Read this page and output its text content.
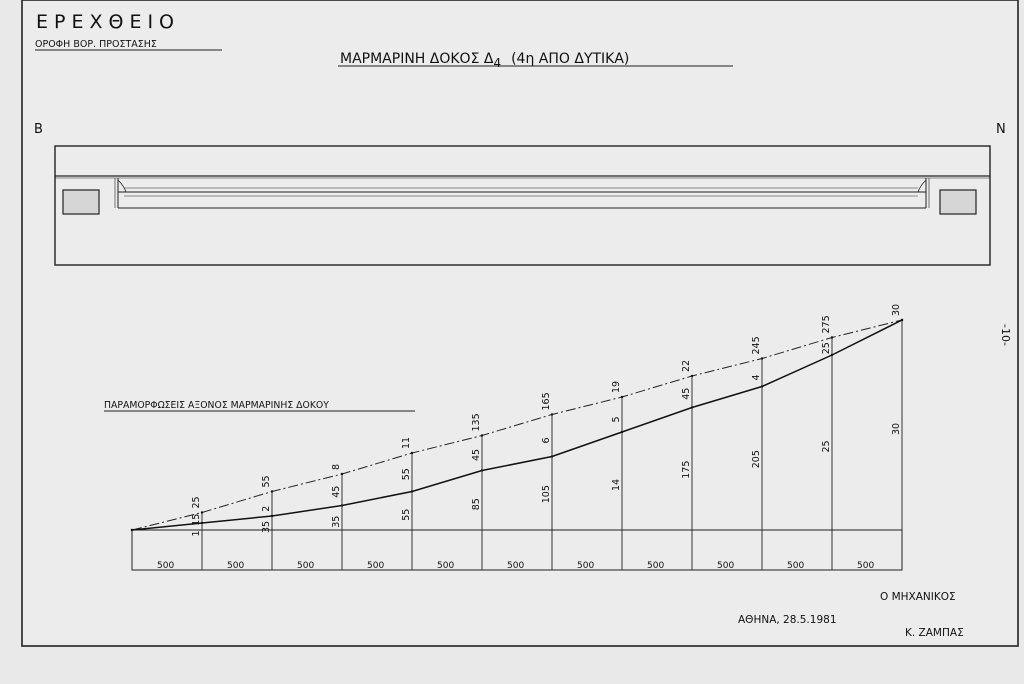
ΕΡΕΧΘΕΙΟ
ΟΡΟΦΗ ΒΟΡ. ΠΡΟΣΤΑΣΗΣ
ΜΑΡΜΑΡΙΝΗ ΔΟΚΟΣ Δ4 (4η ΑΠΟ ΔΥΤΙΚΑ)
Β	Ν
-10-
ΠΑΡΑΜΟΡΦΩΣΕΙΣ ΑΞΟΝΟΣ ΜΑΡΜΑΡΙΝΗΣ ΔΟΚΟΥ
500	500	500	500	500	500	500	500	500	500	500
25
15
1
55
2
35
8
45
35
11
55
55
135
45
85
165
6
105
19
5
14
22
45
175
245
4
205
275
25
25
30
30
ΑΘΗΝΑ, 28.5.1981
Ο ΜΗΧΑΝΙΚΟΣ
Κ. ΖΑΜΠΑΣ
